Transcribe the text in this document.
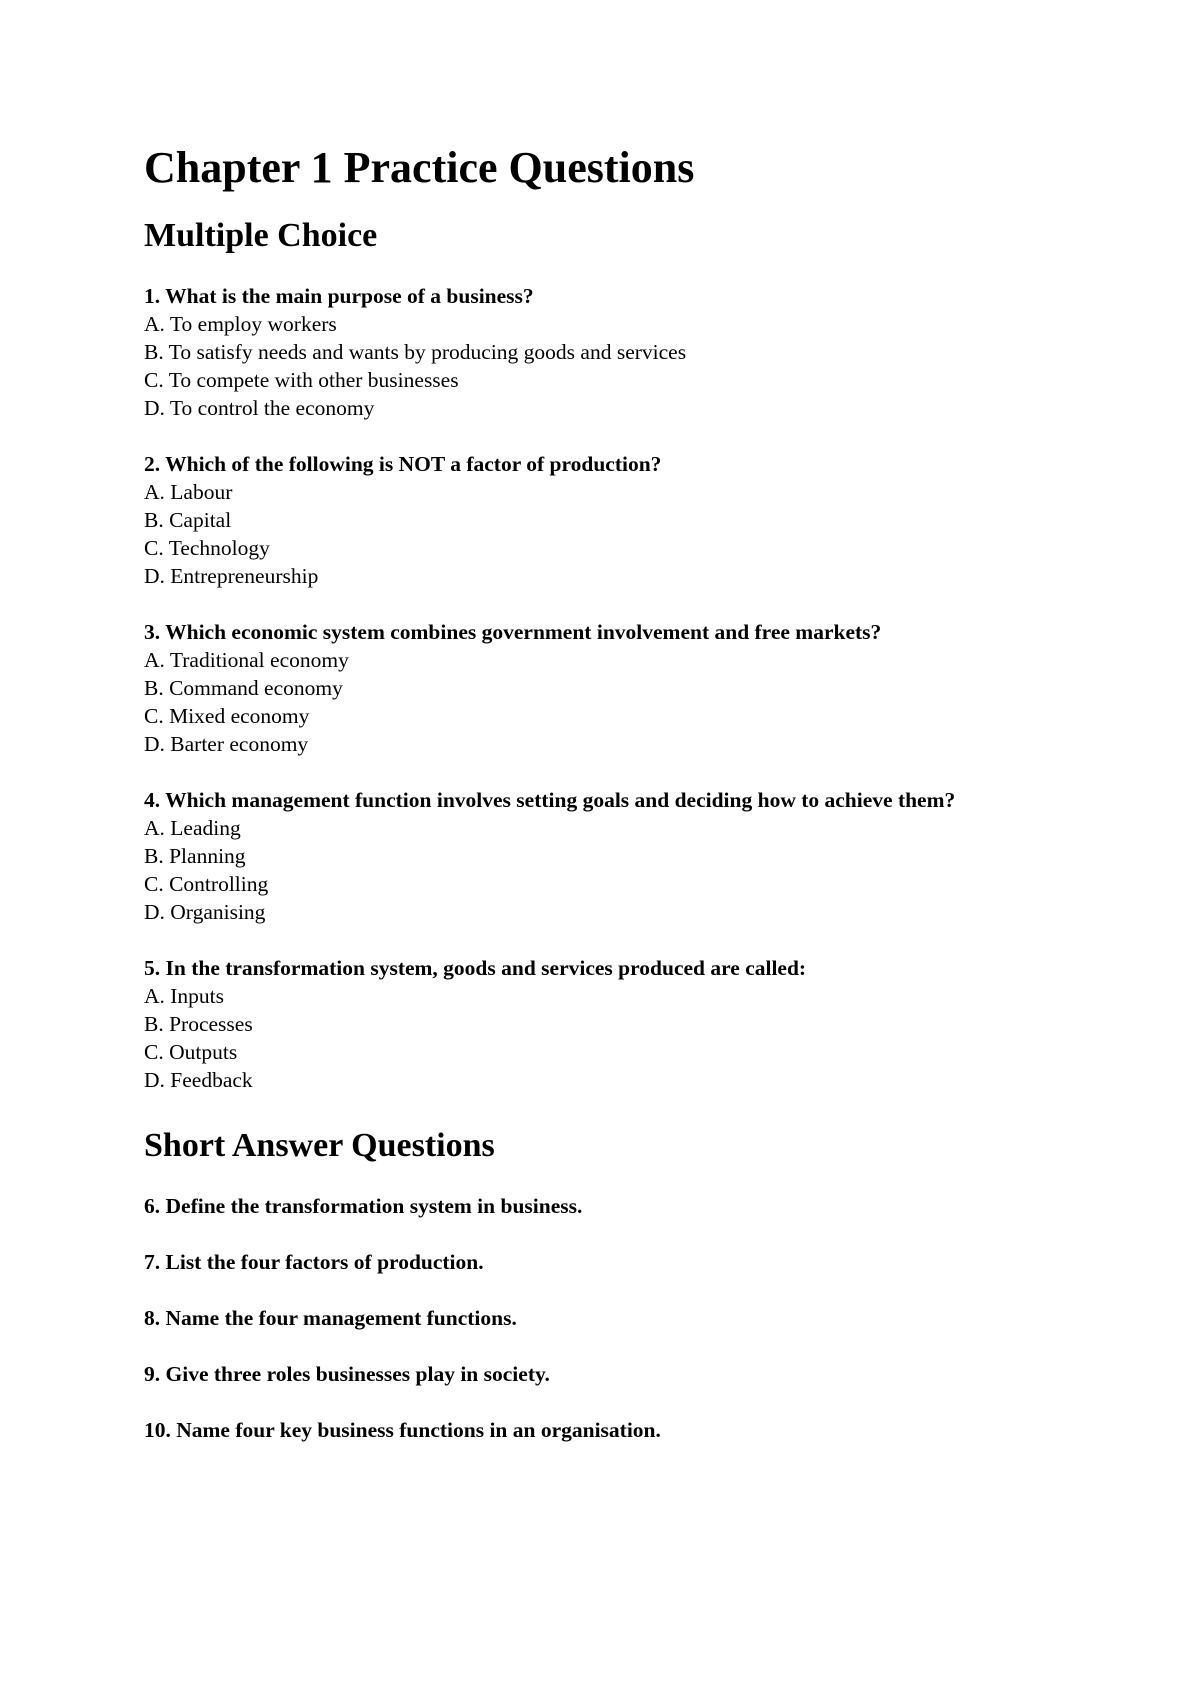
Chapter 1 Practice Questions
Multiple Choice

1. What is the main purpose of a business?

A. To employ workers

B. To satisfy needs and wants by producing goods and services

C. To compete with other businesses

D. To control the economy

2. Which of the following is NOT a factor of production?

A. Labour

B. Capital

C. Technology

D. Entrepreneurship

3. Which economic system combines government involvement and free markets?

A. Traditional economy

B. Command economy

C. Mixed economy

D. Barter economy

4. Which management function involves setting goals and deciding how to achieve them?

A. Leading

B. Planning

C. Controlling

D. Organising

5. In the transformation system, goods and services produced are called:

A. Inputs

B. Processes

C. Outputs

D. Feedback

Short Answer Questions

6. Define the transformation system in business.

7. List the four factors of production.

8. Name the four management functions.

9. Give three roles businesses play in society.

10. Name four key business functions in an organisation.
